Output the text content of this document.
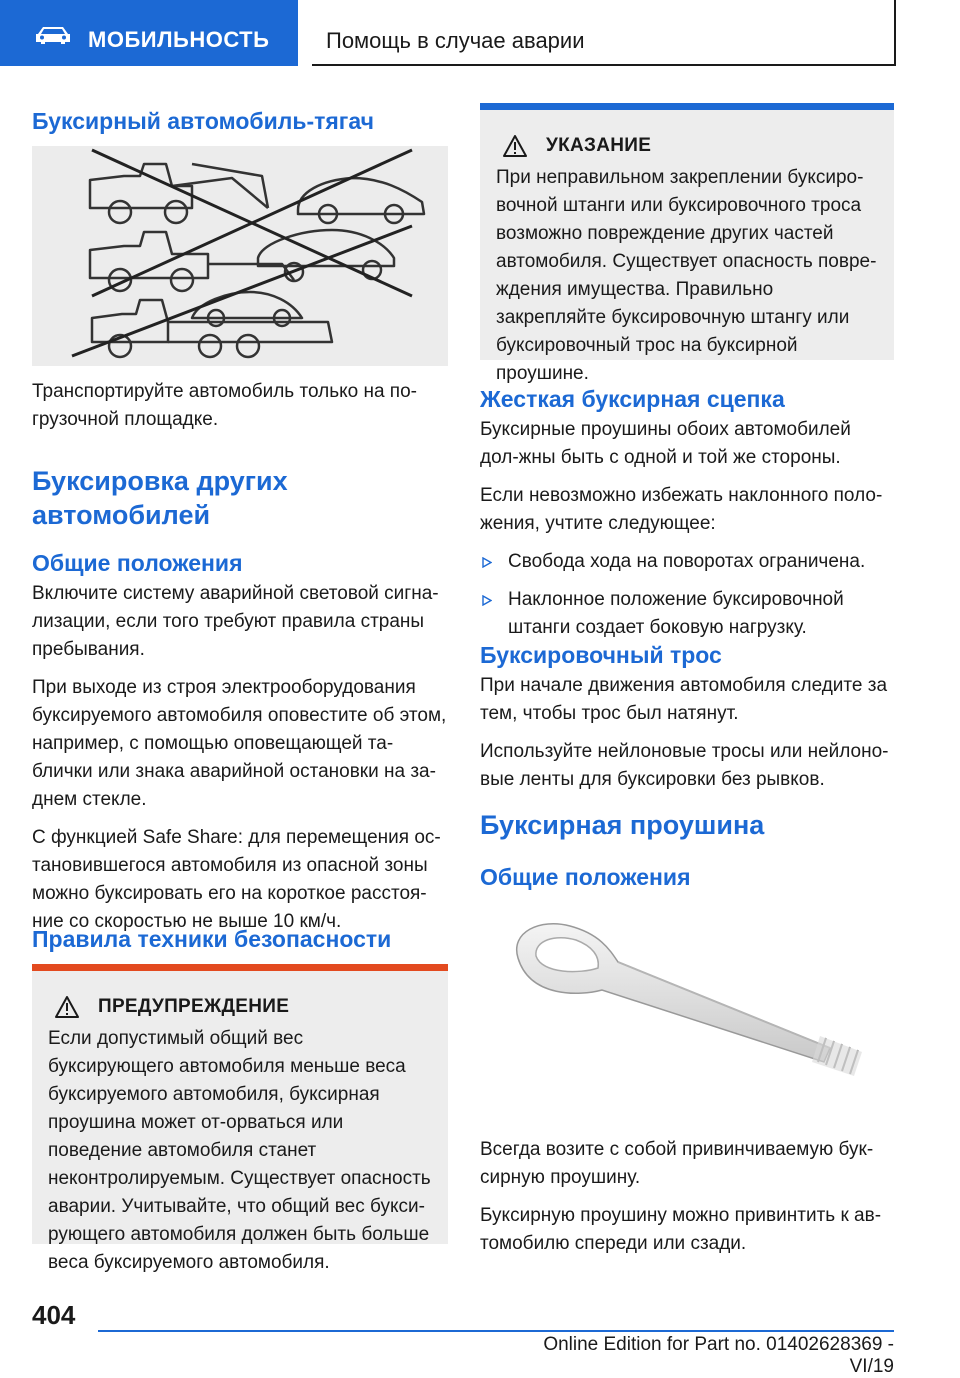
МОБИЛЬНОСТЬ	Помощь в случае аварии
Буксирный автомобиль-тягач

Транспортируйте автомобиль только на по-грузочной площадке.

Буксировка других автомобилей
Общие положения

Включите систему аварийной световой сигна-лизации, если того требуют правила страны пребывания.

При выходе из строя электрооборудования буксируемого автомобиля оповестите об этом, например, с помощью оповещающей та-блички или знака аварийной остановки на за-днем стекле.

С функцией Safe Share: для перемещения ос-тановившегося автомобиля из опасной зоны можно буксировать его на короткое расстоя-ние со скоростью не выше 10 км/ч.

Правила техники безопасности
ПРЕДУПРЕЖДЕНИЕ

Если допустимый общий вес буксирующего автомобиля меньше веса буксируемого автомобиля, буксирная проушина может от-орваться или поведение автомобиля станет неконтролируемым. Существует опасность аварии. Учитывайте, что общий вес букси-рующего автомобиля должен быть больше веса буксируемого автомобиля.

УКАЗАНИЕ

При неправильном закреплении буксиро-вочной штанги или буксировочного троса возможно повреждение других частей автомобиля. Существует опасность повре-ждения имущества. Правильно закрепляйте буксировочную штангу или буксировочный трос на буксирной проушине.

Жесткая буксирная сцепка

Буксирные проушины обоих автомобилей дол-жны быть с одной и той же стороны.

Если невозможно избежать наклонного поло-жения, учтите следующее:

Свобода хода на поворотах ограничена.
Наклонное положение буксировочной штанги создает боковую нагрузку.
Буксировочный трос

При начале движения автомобиля следите за тем, чтобы трос был натянут.

Используйте нейлоновые тросы или нейлоно-вые ленты для буксировки без рывков.

Буксирная проушина
Общие положения

Всегда возите с собой привинчиваемую бук-сирную проушину.

Буксирную проушину можно привинтить к ав-томобилю спереди или сзади.

404
Online Edition for Part no. 01402628369 - VI/19
